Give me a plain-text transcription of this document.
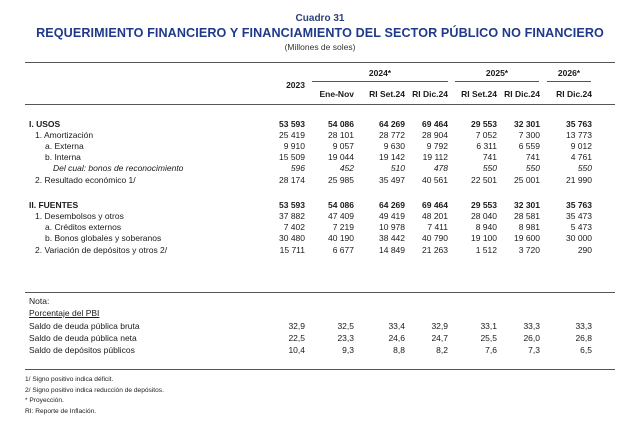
Cuadro 31
REQUERIMIENTO FINANCIERO Y FINANCIAMIENTO DEL SECTOR PÚBLICO NO FINANCIERO
(Millones de soles)
2023
2024*	2025*	2026*
Ene-Nov	RI Set.24 RI Dic.24	RI Set.24 RI Dic.24	RI Dic.24
I. USOS	53 593	54 086	64 269	69 464	29 553	32 301	35 763
1. Amortización	25 419	28 101	28 772	28 904	7 052	7 300	13 773
a. Externa	9 910	9 057	9 630	9 792	6 311	6 559	9 012
b. Interna	15 509	19 044	19 142	19 112	741	741	4 761
Del cual: bonos de reconocimiento	596	452	510	478	550	550	550
2. Resultado económico 1/	28 174	25 985	35 497	40 561	22 501	25 001	21 990
II. FUENTES	53 593	54 086	64 269	69 464	29 553	32 301	35 763
1. Desembolsos y otros	37 882	47 409	49 419	48 201	28 040	28 581	35 473
a. Créditos externos	7 402	7 219	10 978	7 411	8 940	8 981	5 473
b. Bonos globales y soberanos	30 480	40 190	38 442	40 790	19 100	19 600	30 000
2. Variación de depósitos y otros 2/	15 711	6 677	14 849	21 263	1 512	3 720	290
Nota:
Porcentaje del PBI
Saldo de deuda pública bruta	32,9	32,5	33,4	32,9	33,1	33,3	33,3
Saldo de deuda pública neta	22,5	23,3	24,6	24,7	25,5	26,0	26,8
Saldo de depósitos públicos	10,4	9,3	8,8	8,2	7,6	7,3	6,5
1/ Signo positivo indica déficit.
2/ Signo positivo indica reducción de depósitos.
* Proyección.
RI: Reporte de Inflación.
